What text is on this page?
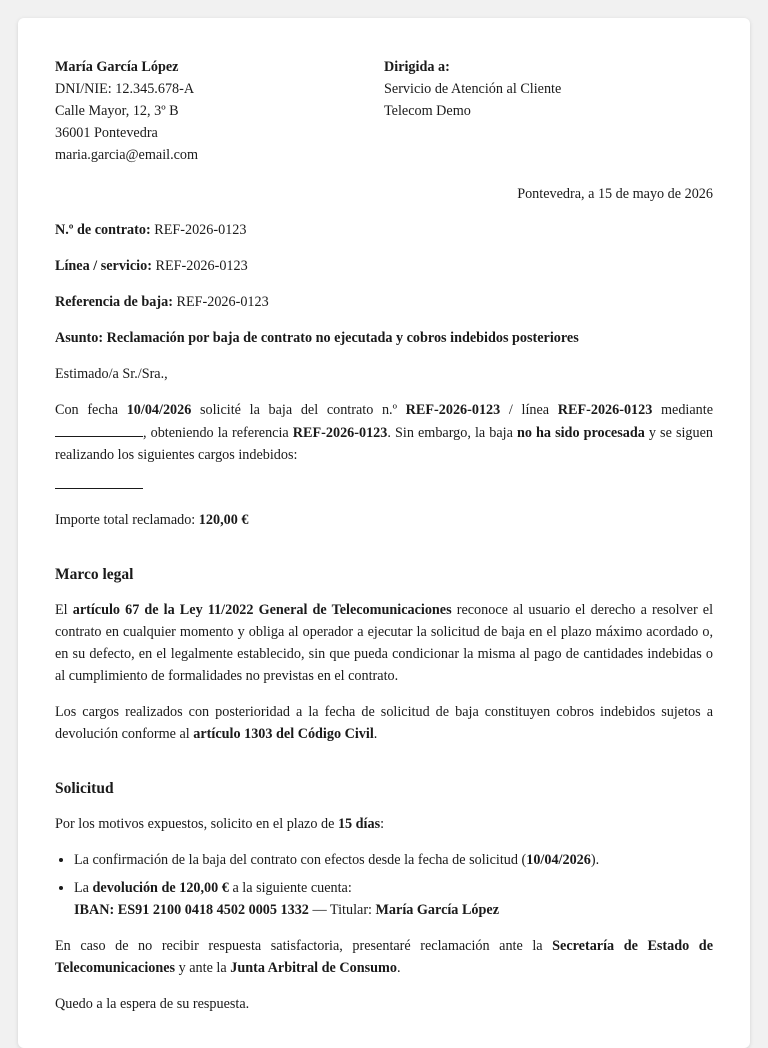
María García López
DNI/NIE: 12.345.678-A
Calle Mayor, 12, 3º B
36001 Pontevedra
maria.garcia@email.com
Dirigida a:
Servicio de Atención al Cliente
Telecom Demo
Pontevedra, a 15 de mayo de 2026

N.º de contrato: REF-2026-0123

Línea / servicio: REF-2026-0123

Referencia de baja: REF-2026-0123

Asunto: Reclamación por baja de contrato no ejecutada y cobros indebidos posteriores

Estimado/a Sr./Sra.,

Con fecha 10/04/2026 solicité la baja del contrato n.º REF-2026-0123 / línea REF-2026-0123 mediante , obteniendo la referencia REF-2026-0123. Sin embargo, la baja no ha sido procesada y se siguen realizando los siguientes cargos indebidos:

Importe total reclamado: 120,00 €

Marco legal

El artículo 67 de la Ley 11/2022 General de Telecomunicaciones reconoce al usuario el derecho a resolver el contrato en cualquier momento y obliga al operador a ejecutar la solicitud de baja en el plazo máximo acordado o, en su defecto, en el legalmente establecido, sin que pueda condicionar la misma al pago de cantidades indebidas o al cumplimiento de formalidades no previstas en el contrato.

Los cargos realizados con posterioridad a la fecha de solicitud de baja constituyen cobros indebidos sujetos a devolución conforme al artículo 1303 del Código Civil.

Solicitud

Por los motivos expuestos, solicito en el plazo de 15 días:

• La confirmación de la baja del contrato con efectos desde la fecha de solicitud (10/04/2026).
• La devolución de 120,00 € a la siguiente cuenta:
IBAN: ES91 2100 0418 4502 0005 1332 — Titular: María García López

En caso de no recibir respuesta satisfactoria, presentaré reclamación ante la Secretaría de Estado de Telecomunicaciones y ante la Junta Arbitral de Consumo.

Quedo a la espera de su respuesta.
